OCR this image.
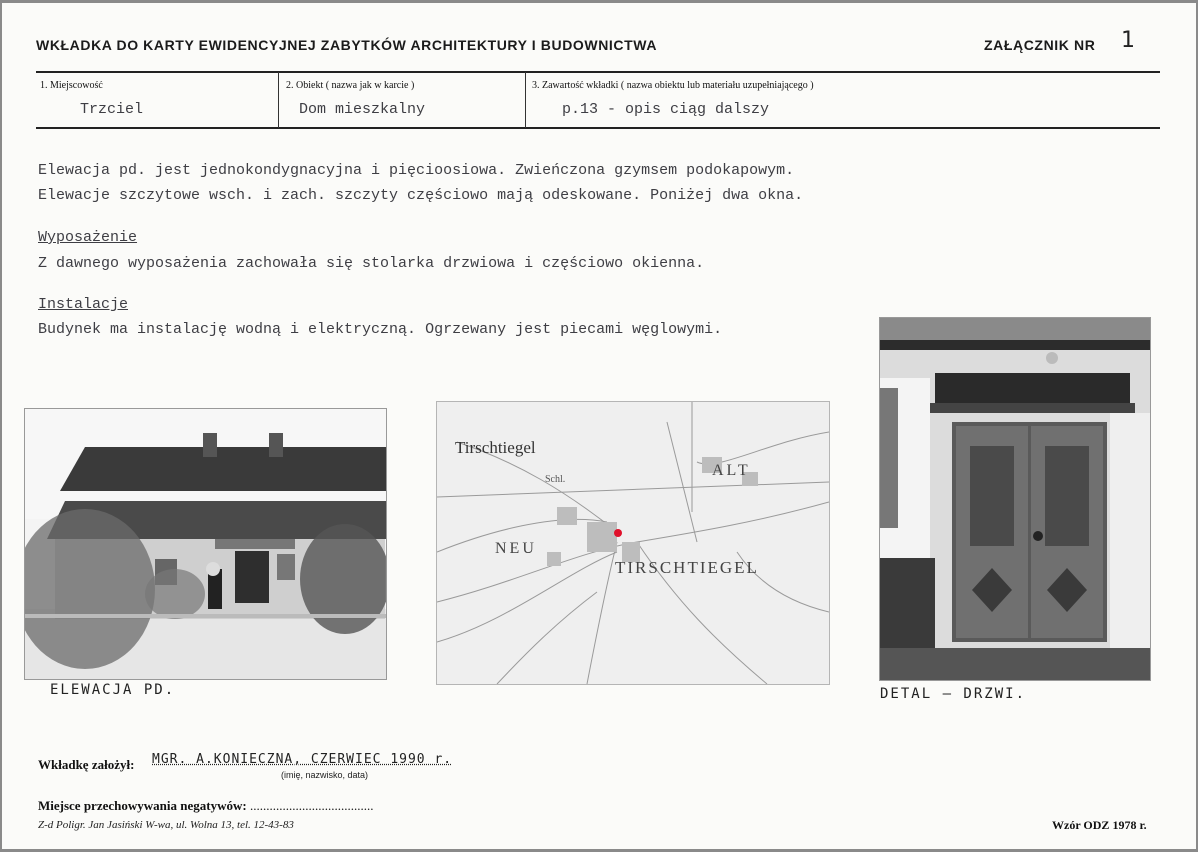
WKŁADKA DO KARTY EWIDENCYJNEJ ZABYTKÓW ARCHITEKTURY I BUDOWNICTWA	ZAŁĄCZNIK NR 1
1. Miejscowość	2. Obiekt ( nazwa jak w karcie )	3. Zawartość wkładki ( nazwa obiektu lub materiału uzupełniającego )
Trzciel	Dom mieszkalny	p.13 - opis ciąg dalszy
Elewacja pd. jest jednokondygnacyjna i pięcioosiowa. Zwieńczona gzymsem podokapowym.
Elewacje szczytowe wsch. i zach. szczyty częściowo mają odeskowane. Poniżej dwa okna.
Wyposażenie
Z dawnego wyposażenia zachowała się stolarka drzwiowa i częściowo okienna.
Instalacje
Budynek ma instalację wodną i elektryczną. Ogrzewany jest piecami węglowymi.
ELEWACJA PD.
Tirschtiegel
ALT
NEU
TIRSCHTIEGEL
Schl.
DETAL – DRZWI.
Wkładkę założył: MGR. A.KONIECZNA, CZERWIEC 1990 r.
(imię, nazwisko, data)
Miejsce przechowywania negatywów: ......................................
Z-d Poligr. Jan Jasiński W-wa, ul. Wolna 13, tel. 12-43-83	Wzór ODZ 1978 r.
